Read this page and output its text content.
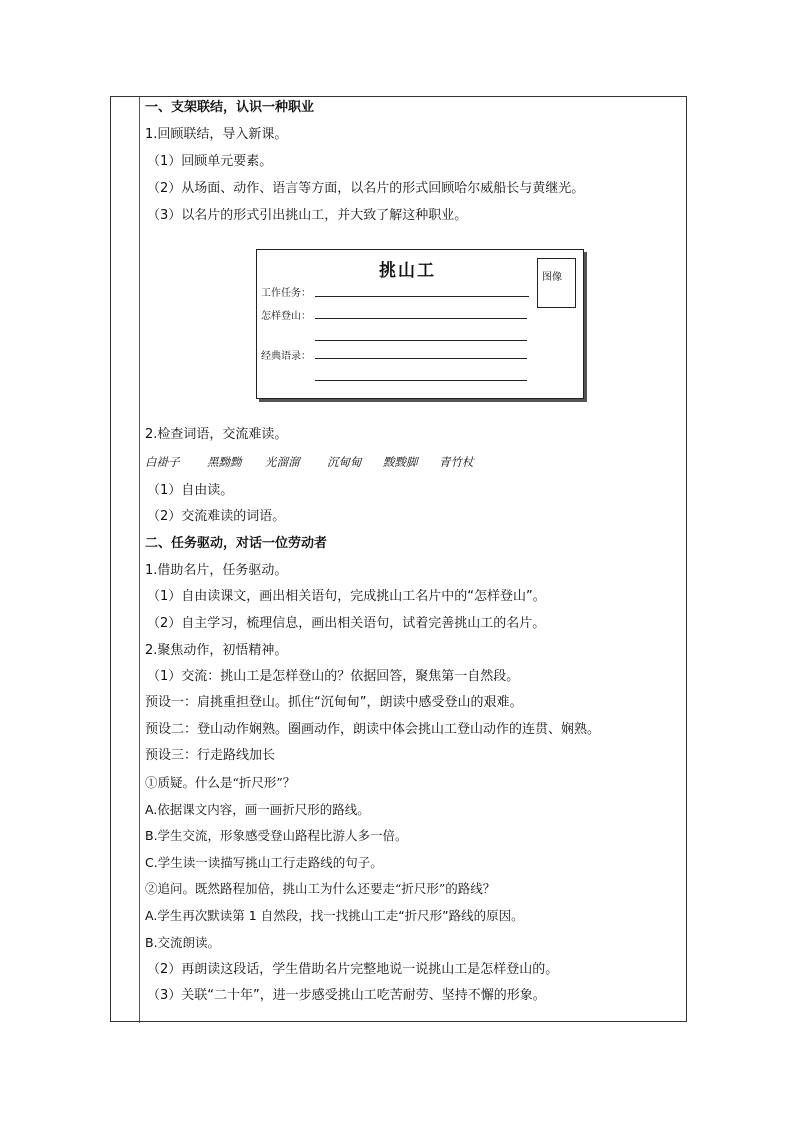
一、支架联结，认识一种职业
1.回顾联结，导入新课。
（1）回顾单元要素。
（2）从场面、动作、语言等方面，以名片的形式回顾哈尔威船长与黄继光。
（3）以名片的形式引出挑山工，并大致了解这种职业。
挑山工
工作任务：
怎样登山：
经典语录：
图像
2.检查词语，交流难读。
白褂子	黑黝黝	光溜溜	沉甸甸	黢黢脚	青竹杖
（1）自由读。
（2）交流难读的词语。
二、任务驱动，对话一位劳动者
1.借助名片，任务驱动。
（1）自由读课文，画出相关语句，完成挑山工名片中的“怎样登山”。
（2）自主学习，梳理信息，画出相关语句，试着完善挑山工的名片。
2.聚焦动作，初悟精神。
（1）交流：挑山工是怎样登山的？依据回答，聚焦第一自然段。
预设一：肩挑重担登山。抓住“沉甸甸”，朗读中感受登山的艰难。
预设二：登山动作娴熟。圈画动作，朗读中体会挑山工登山动作的连贯、娴熟。
预设三：行走路线加长
①质疑。什么是“折尺形”？
A.依据课文内容，画一画折尺形的路线。
B.学生交流，形象感受登山路程比游人多一倍。
C.学生读一读描写挑山工行走路线的句子。
②追问。既然路程加倍，挑山工为什么还要走“折尺形”的路线？
A.学生再次默读第 1 自然段，找一找挑山工走“折尺形”路线的原因。
B.交流朗读。
（2）再朗读这段话，学生借助名片完整地说一说挑山工是怎样登山的。
（3）关联“二十年”，进一步感受挑山工吃苦耐劳、坚持不懈的形象。
